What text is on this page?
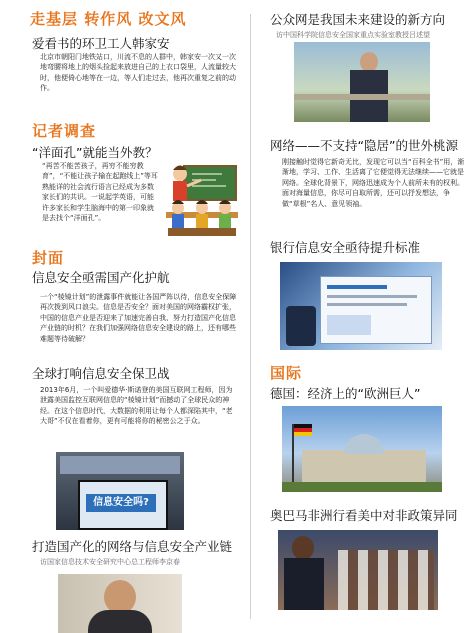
走基层 转作风 改文风

爱看书的环卫工人韩家安

北京市朝阳门地铁站口，川流不息的人群中，韩家安一次又一次地弯腰将地上的烟头捡起来放进自己的上衣口袋里，人流量较大时，他便倚心地等在一边，等人们走过去，他再次重复之前的动作。

记者调查

“洋面孔”就能当外教？

“再苦不能苦孩子，再穷不能穷教育”，“不能让孩子输在起跑线上”等耳熟能详的社会流行语言已经成为多数家长们的共识。一说起学英语，可能许多家长和学生脑海中的第一印象就是去找个“洋面孔”。

封面

信息安全亟需国产化护航

一个“棱镜计划”的泄露事件就能让各国严阵以待，信息安全保障再次拨到风口浪尖。信息是否安全？面对美国的网络霸权扩张，中国的信息产业是否迎来了加速完善自我、努力打造国产化信息产业链的时机？在我们加强网络信息安全建设的路上，还有哪些难题等待破解？

全球打响信息安全保卫战

2013年6月，一个叫爱德华·斯诺登的美国互联网工程师，因为泄露美国监控互联网信息的“棱镜计划”而撼动了全球民众的神经。在这个信息时代，大数据的利用让每个人都深陷其中，“老大哥”不仅在看着你，更有可能将你的秘密公之于众。

信息安全吗?

打造国产化的网络与信息安全产业链

访国家信息技术安全研究中心总工程师李京春

公众网是我国未来建设的新方向

访中国科学院信息安全国家重点实验室教授吕述望

网络——不支持“隐居”的世外桃源

刚接触时觉得它新奇无比，发现它可以当“百科全书”用，渐渐地，学习、工作、生活离了它便觉得无法继续——它就是网络。全球化背景下，网络迅速成为个人前所未有的权利。面对海量信息，你尽可自取所需，还可以抒发想法，争做“草根”名人、意见领袖。

银行信息安全亟待提升标准

国际

德国：经济上的“欧洲巨人”

奥巴马非洲行看美中对非政策异同
